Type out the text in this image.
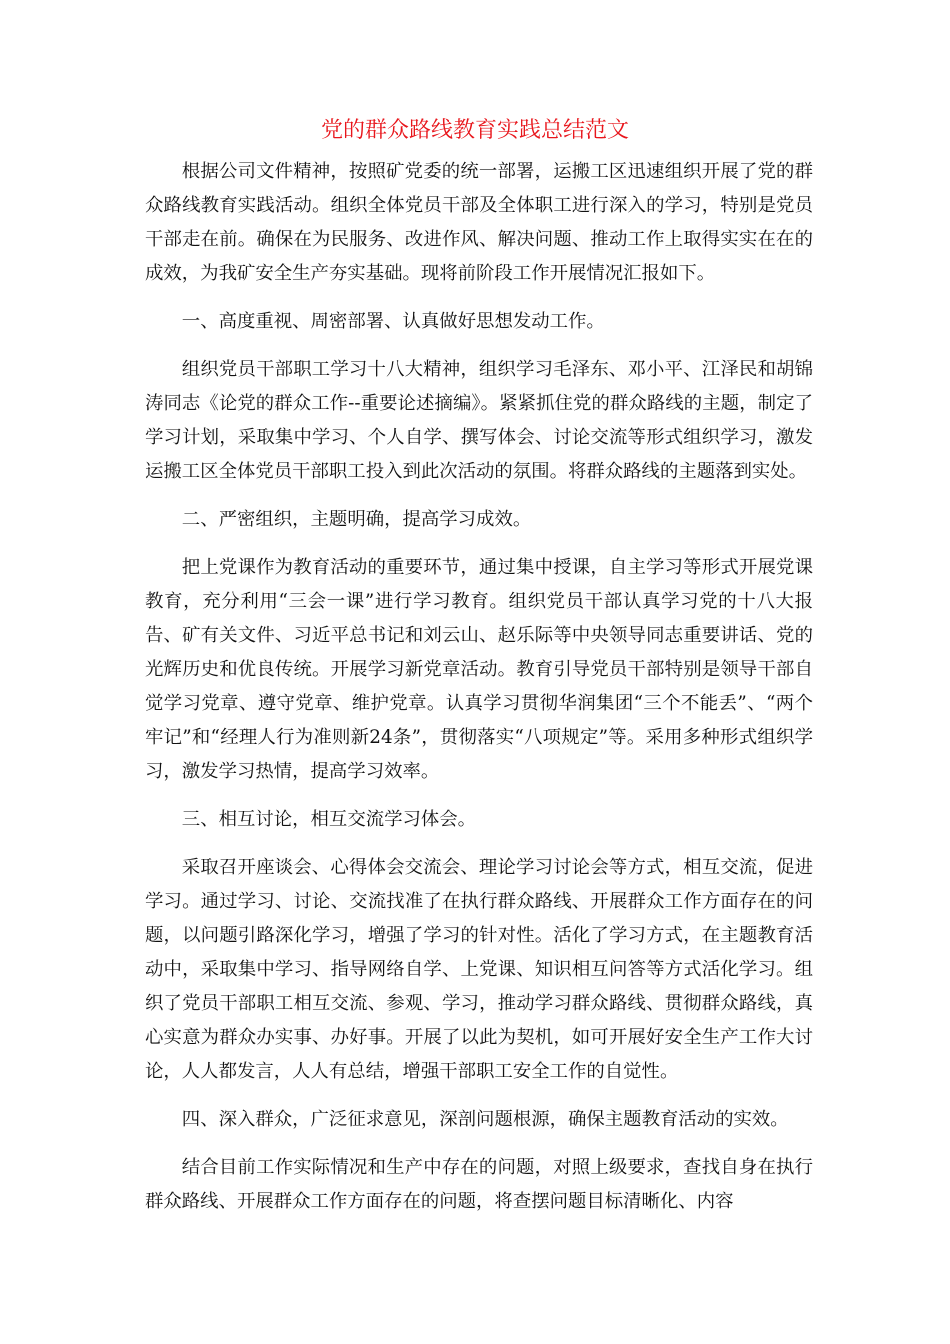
党的群众路线教育实践总结范文

根据公司文件精神，按照矿党委的统一部署，运搬工区迅速组织开展了党的群众路线教育实践活动。组织全体党员干部及全体职工进行深入的学习，特别是党员干部走在前。确保在为民服务、改进作风、解决问题、推动工作上取得实实在在的成效，为我矿安全生产夯实基础。现将前阶段工作开展情况汇报如下。

一、高度重视、周密部署、认真做好思想发动工作。

组织党员干部职工学习十八大精神，组织学习毛泽东、邓小平、江泽民和胡锦涛同志《论党的群众工作--重要论述摘编》。紧紧抓住党的群众路线的主题，制定了学习计划，采取集中学习、个人自学、撰写体会、讨论交流等形式组织学习，激发运搬工区全体党员干部职工投入到此次活动的氛围。将群众路线的主题落到实处。

二、严密组织，主题明确，提高学习成效。

把上党课作为教育活动的重要环节，通过集中授课，自主学习等形式开展党课教育，充分利用“三会一课”进行学习教育。组织党员干部认真学习党的十八大报告、矿有关文件、习近平总书记和刘云山、赵乐际等中央领导同志重要讲话、党的光辉历史和优良传统。开展学习新党章活动。教育引导党员干部特别是领导干部自觉学习党章、遵守党章、维护党章。认真学习贯彻华润集团“三个不能丢”、“两个牢记”和“经理人行为准则新24条”，贯彻落实“八项规定”等。采用多种形式组织学习，激发学习热情，提高学习效率。

三、相互讨论，相互交流学习体会。

采取召开座谈会、心得体会交流会、理论学习讨论会等方式，相互交流，促进学习。通过学习、讨论、交流找准了在执行群众路线、开展群众工作方面存在的问题，以问题引路深化学习，增强了学习的针对性。活化了学习方式，在主题教育活动中，采取集中学习、指导网络自学、上党课、知识相互问答等方式活化学习。组织了党员干部职工相互交流、参观、学习，推动学习群众路线、贯彻群众路线，真心实意为群众办实事、办好事。开展了以此为契机，如可开展好安全生产工作大讨论，人人都发言，人人有总结，增强干部职工安全工作的自觉性。

四、深入群众，广泛征求意见，深剖问题根源，确保主题教育活动的实效。

结合目前工作实际情况和生产中存在的问题，对照上级要求，查找自身在执行群众路线、开展群众工作方面存在的问题，将查摆问题目标清晰化、内容
